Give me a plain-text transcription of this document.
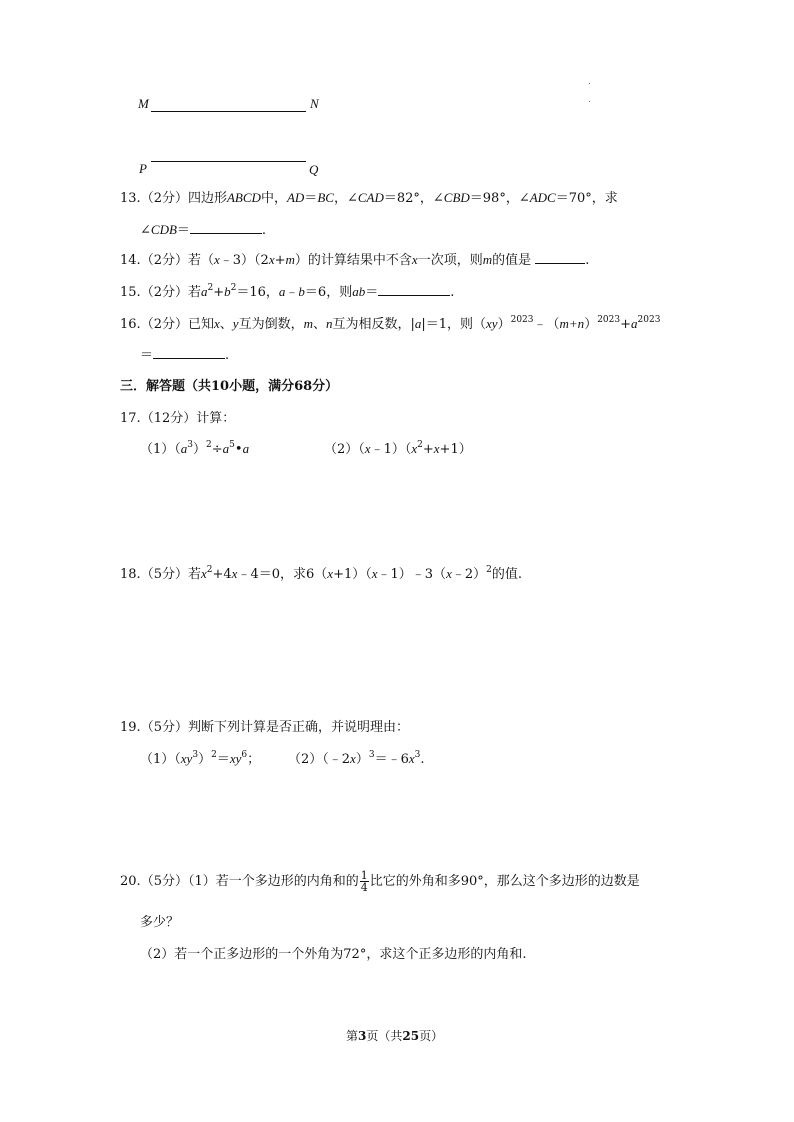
M	N
P	Q
13.（2分）四边形ABCD中，AD＝BC，∠CAD＝82°，∠CBD＝98°，∠ADC＝70°，求
∠CDB＝	.
14.（2分）若（x﹣3）（2x+m）的计算结果中不含x一次项，则m的值是	.
15.（2分）若$a^2+b^2=16$，a﹣b＝6，则ab＝	.
16.（2分）已知x、y互为倒数，m、n互为相反数，|a|＝1，则$(xy)^{2023}﹣(m+n)^{2023}+a^{2023}$
＝	.
三．解答题（共10小题，满分68分）
17.（12分）计算：
$(1)(a^3)^2\div a^5•a$	$(2)(x﹣1)(x^2+x+1)$
18.（5分）若$x^2+4x﹣4=0$，求6（x+1）（x﹣1）﹣3（x﹣2）$^2$的值.
19.（5分）判断下列计算是否正确，并说明理由：
$(1)(xy^3)^2=xy^6$； $(2)(﹣2x)^3=﹣6x^3$.
20.（5分）（1）若一个多边形的内角和的 $\frac{1}{4}$ 比它的外角和多90°，那么这个多边形的边数是
多少？
（2）若一个正多边形的一个外角为72°，求这个正多边形的内角和.
第3页（共25页）
